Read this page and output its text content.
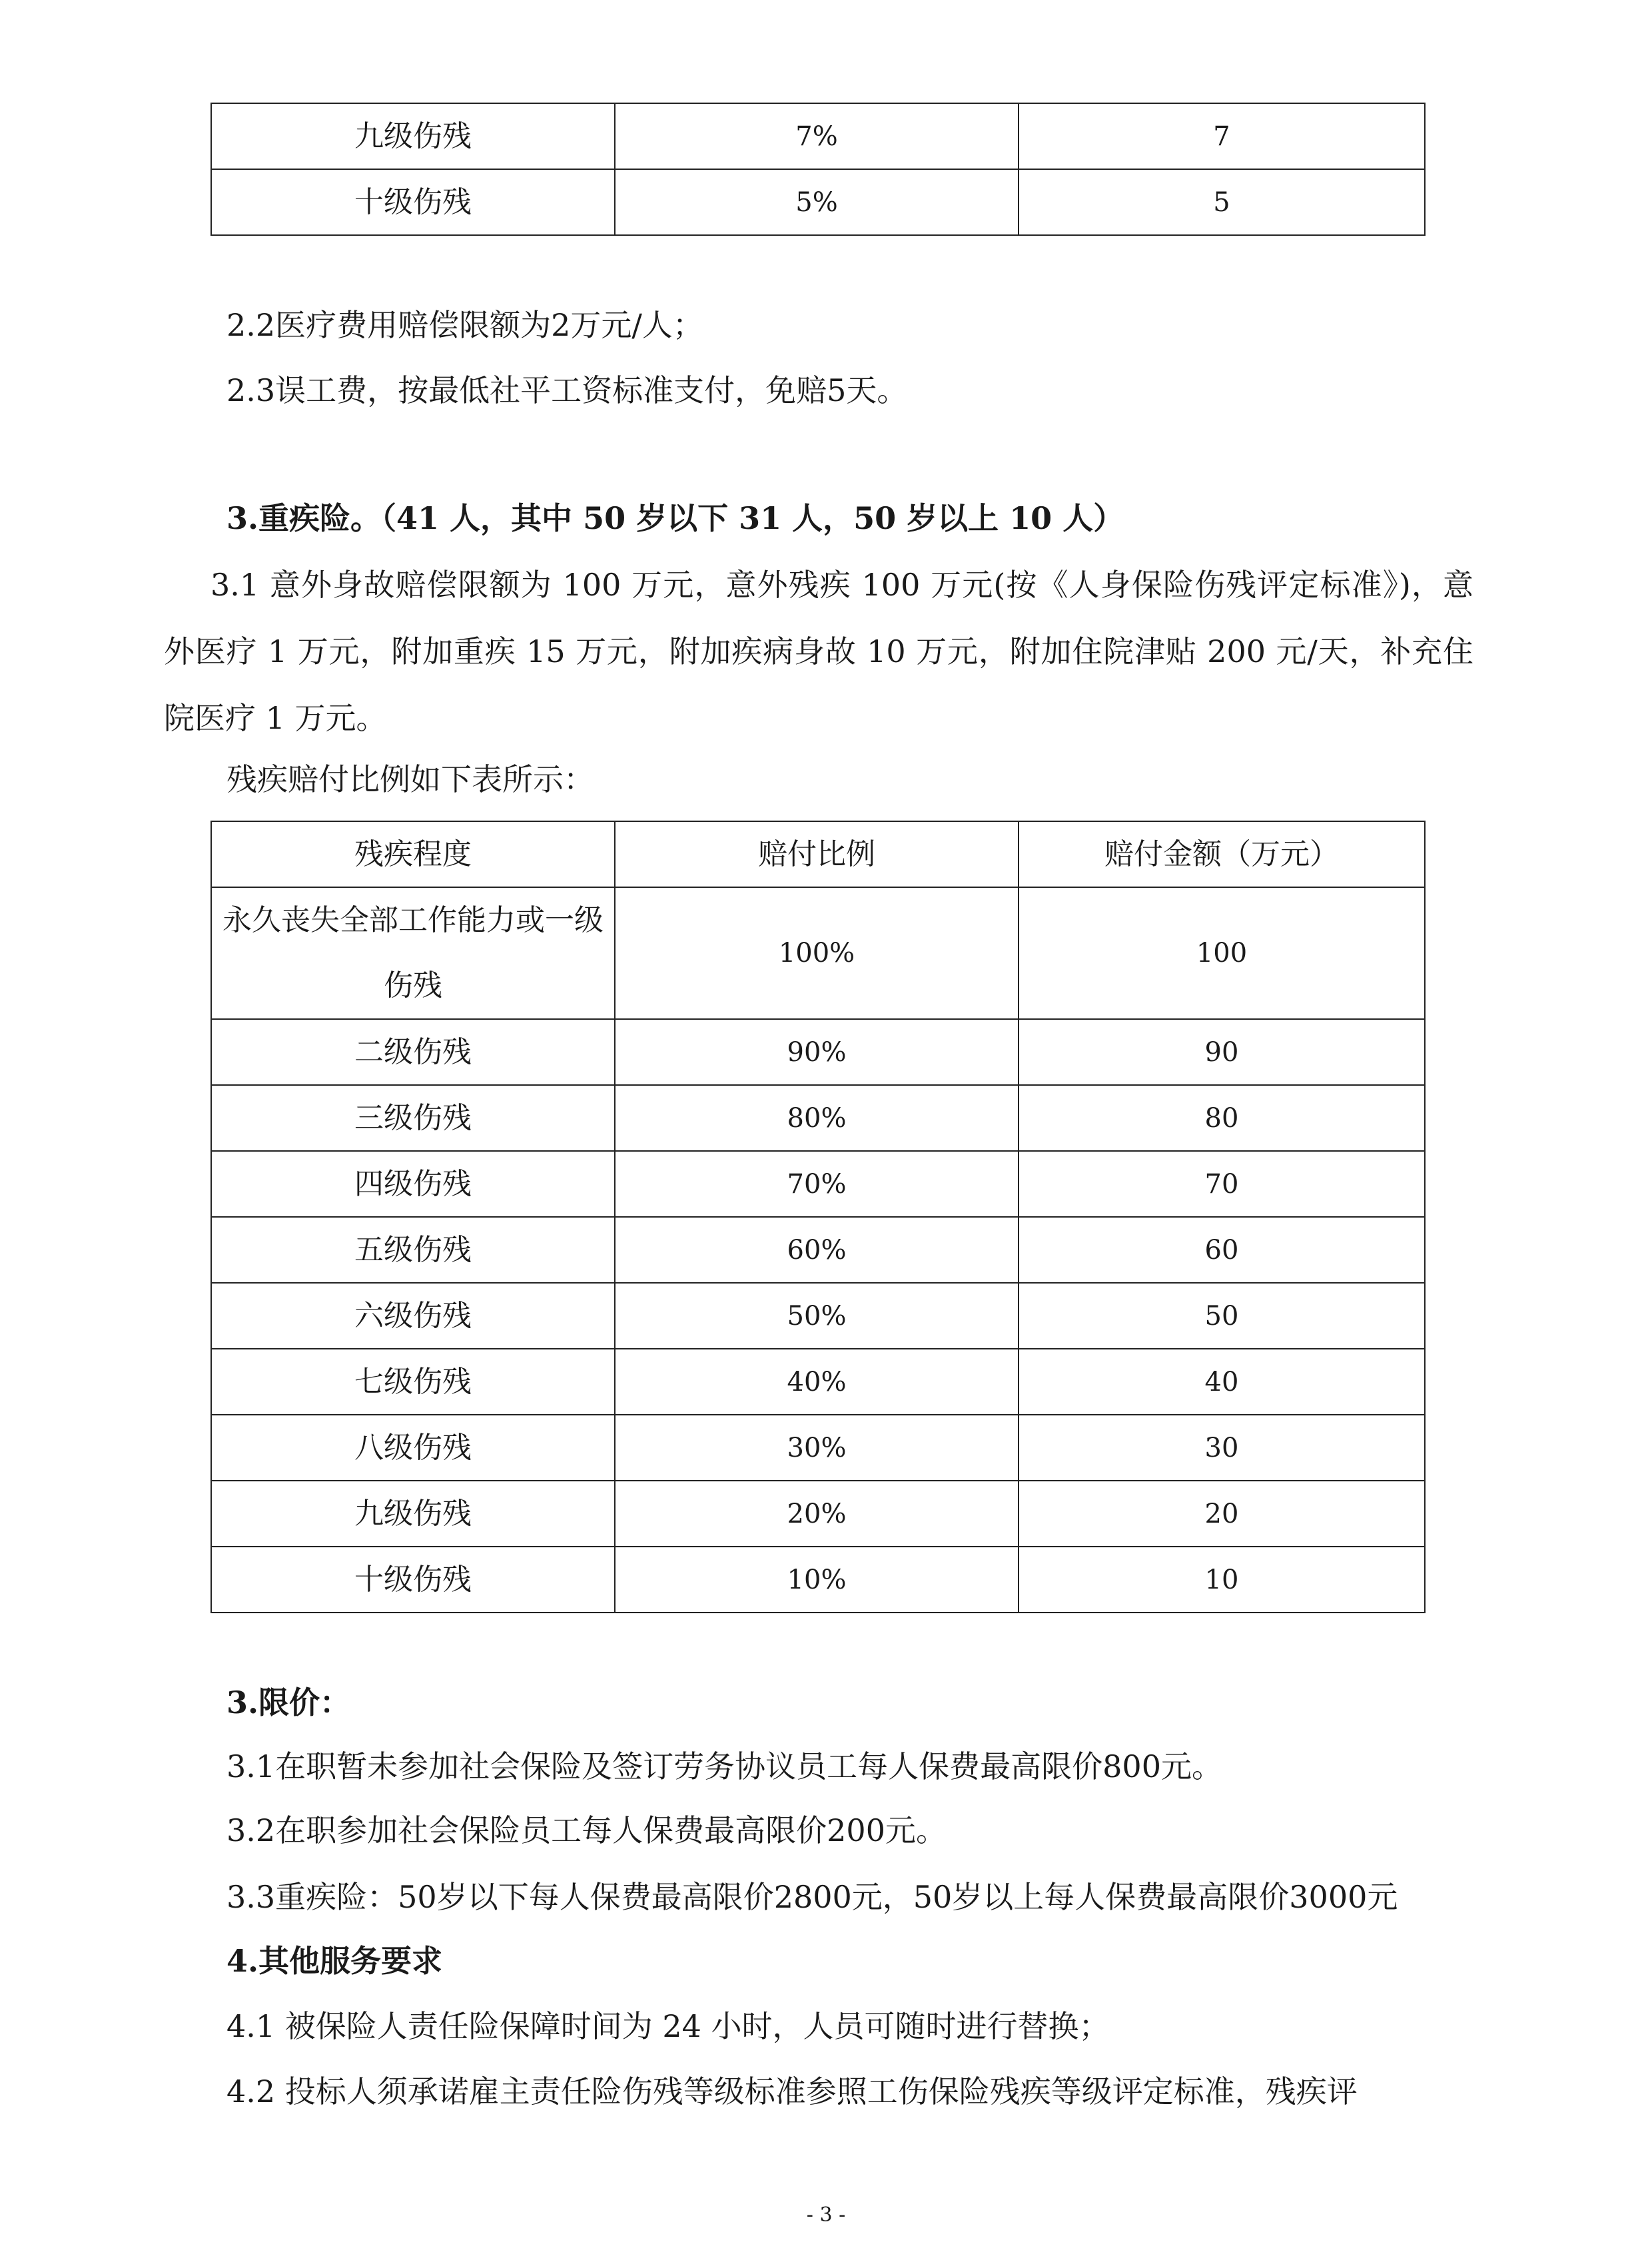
九级伤残	7%	7
十级伤残	5%	5
2.2医疗费用赔偿限额为2万元/人；
2.3误工费，按最低社平工资标准支付，免赔5天。
3.重疾险。（41 人，其中 50 岁以下 31 人，50 岁以上 10 人）
3.1 意外身故赔偿限额为 100 万元，意外残疾 100 万元(按《人身保险伤残评定标准》)，意外医疗 1 万元，附加重疾 15 万元，附加疾病身故 10 万元，附加住院津贴 200 元/天，补充住院医疗 1 万元。
残疾赔付比例如下表所示：
残疾程度	赔付比例	赔付金额（万元）
永久丧失全部工作能力或一级伤残	100%	100
二级伤残	90%	90
三级伤残	80%	80
四级伤残	70%	70
五级伤残	60%	60
六级伤残	50%	50
七级伤残	40%	40
八级伤残	30%	30
九级伤残	20%	20
十级伤残	10%	10
3.限价：
3.1在职暂未参加社会保险及签订劳务协议员工每人保费最高限价800元。
3.2在职参加社会保险员工每人保费最高限价200元。
3.3重疾险：50岁以下每人保费最高限价2800元，50岁以上每人保费最高限价3000元
4.其他服务要求
4.1 被保险人责任险保障时间为 24 小时，人员可随时进行替换；
4.2 投标人须承诺雇主责任险伤残等级标准参照工伤保险残疾等级评定标准，残疾评
- 3 -
